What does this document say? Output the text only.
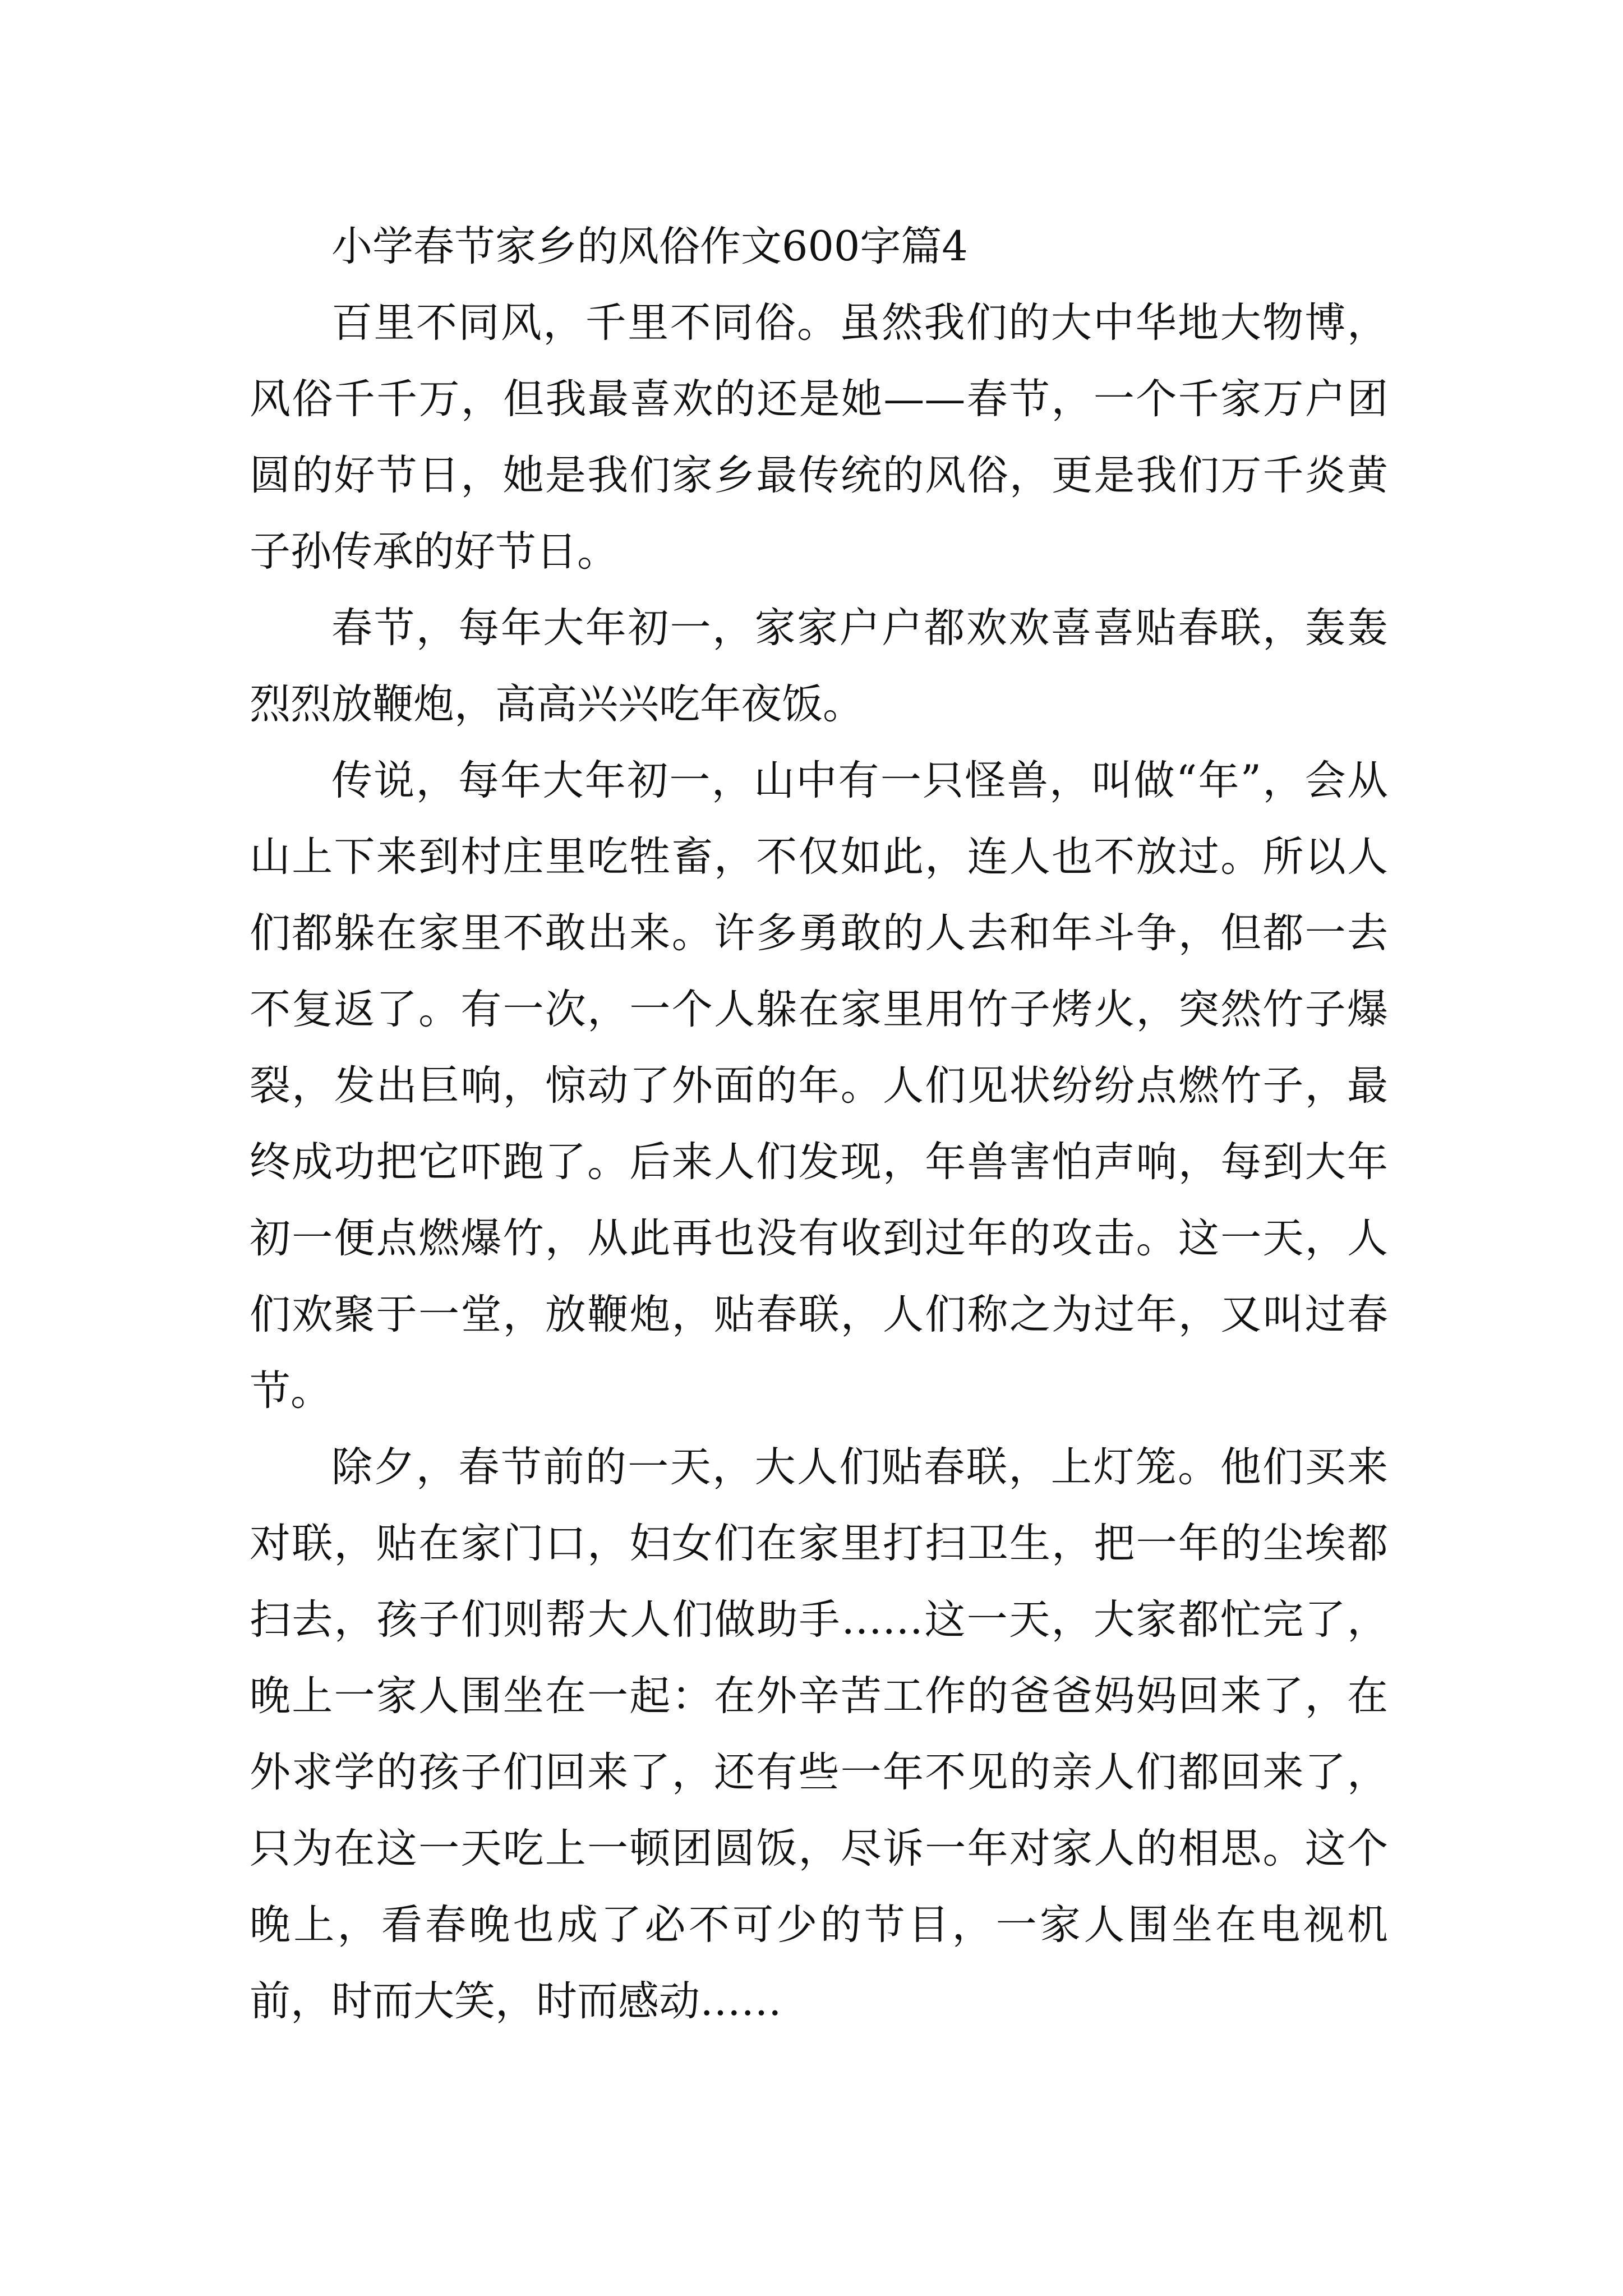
小学春节家乡的风俗作文600字篇4

百里不同风，千里不同俗。虽然我们的大中华地大物博，风俗千千万，但我最喜欢的还是她——春节，一个千家万户团圆的好节日，她是我们家乡最传统的风俗，更是我们万千炎黄子孙传承的好节日。

春节，每年大年初一，家家户户都欢欢喜喜贴春联，轰轰烈烈放鞭炮，高高兴兴吃年夜饭。

传说，每年大年初一，山中有一只怪兽，叫做“年”，会从山上下来到村庄里吃牲畜，不仅如此，连人也不放过。所以人们都躲在家里不敢出来。许多勇敢的人去和年斗争，但都一去不复返了。有一次，一个人躲在家里用竹子烤火，突然竹子爆裂，发出巨响，惊动了外面的年。人们见状纷纷点燃竹子，最终成功把它吓跑了。后来人们发现，年兽害怕声响，每到大年初一便点燃爆竹，从此再也没有收到过年的攻击。这一天，人们欢聚于一堂，放鞭炮，贴春联，人们称之为过年，又叫过春节。

除夕，春节前的一天，大人们贴春联，上灯笼。他们买来对联，贴在家门口，妇女们在家里打扫卫生，把一年的尘埃都扫去，孩子们则帮大人们做助手……这一天，大家都忙完了，晚上一家人围坐在一起：在外辛苦工作的爸爸妈妈回来了，在外求学的孩子们回来了，还有些一年不见的亲人们都回来了，只为在这一天吃上一顿团圆饭，尽诉一年对家人的相思。这个晚上，看春晚也成了必不可少的节目，一家人围坐在电视机前，时而大笑，时而感动……
